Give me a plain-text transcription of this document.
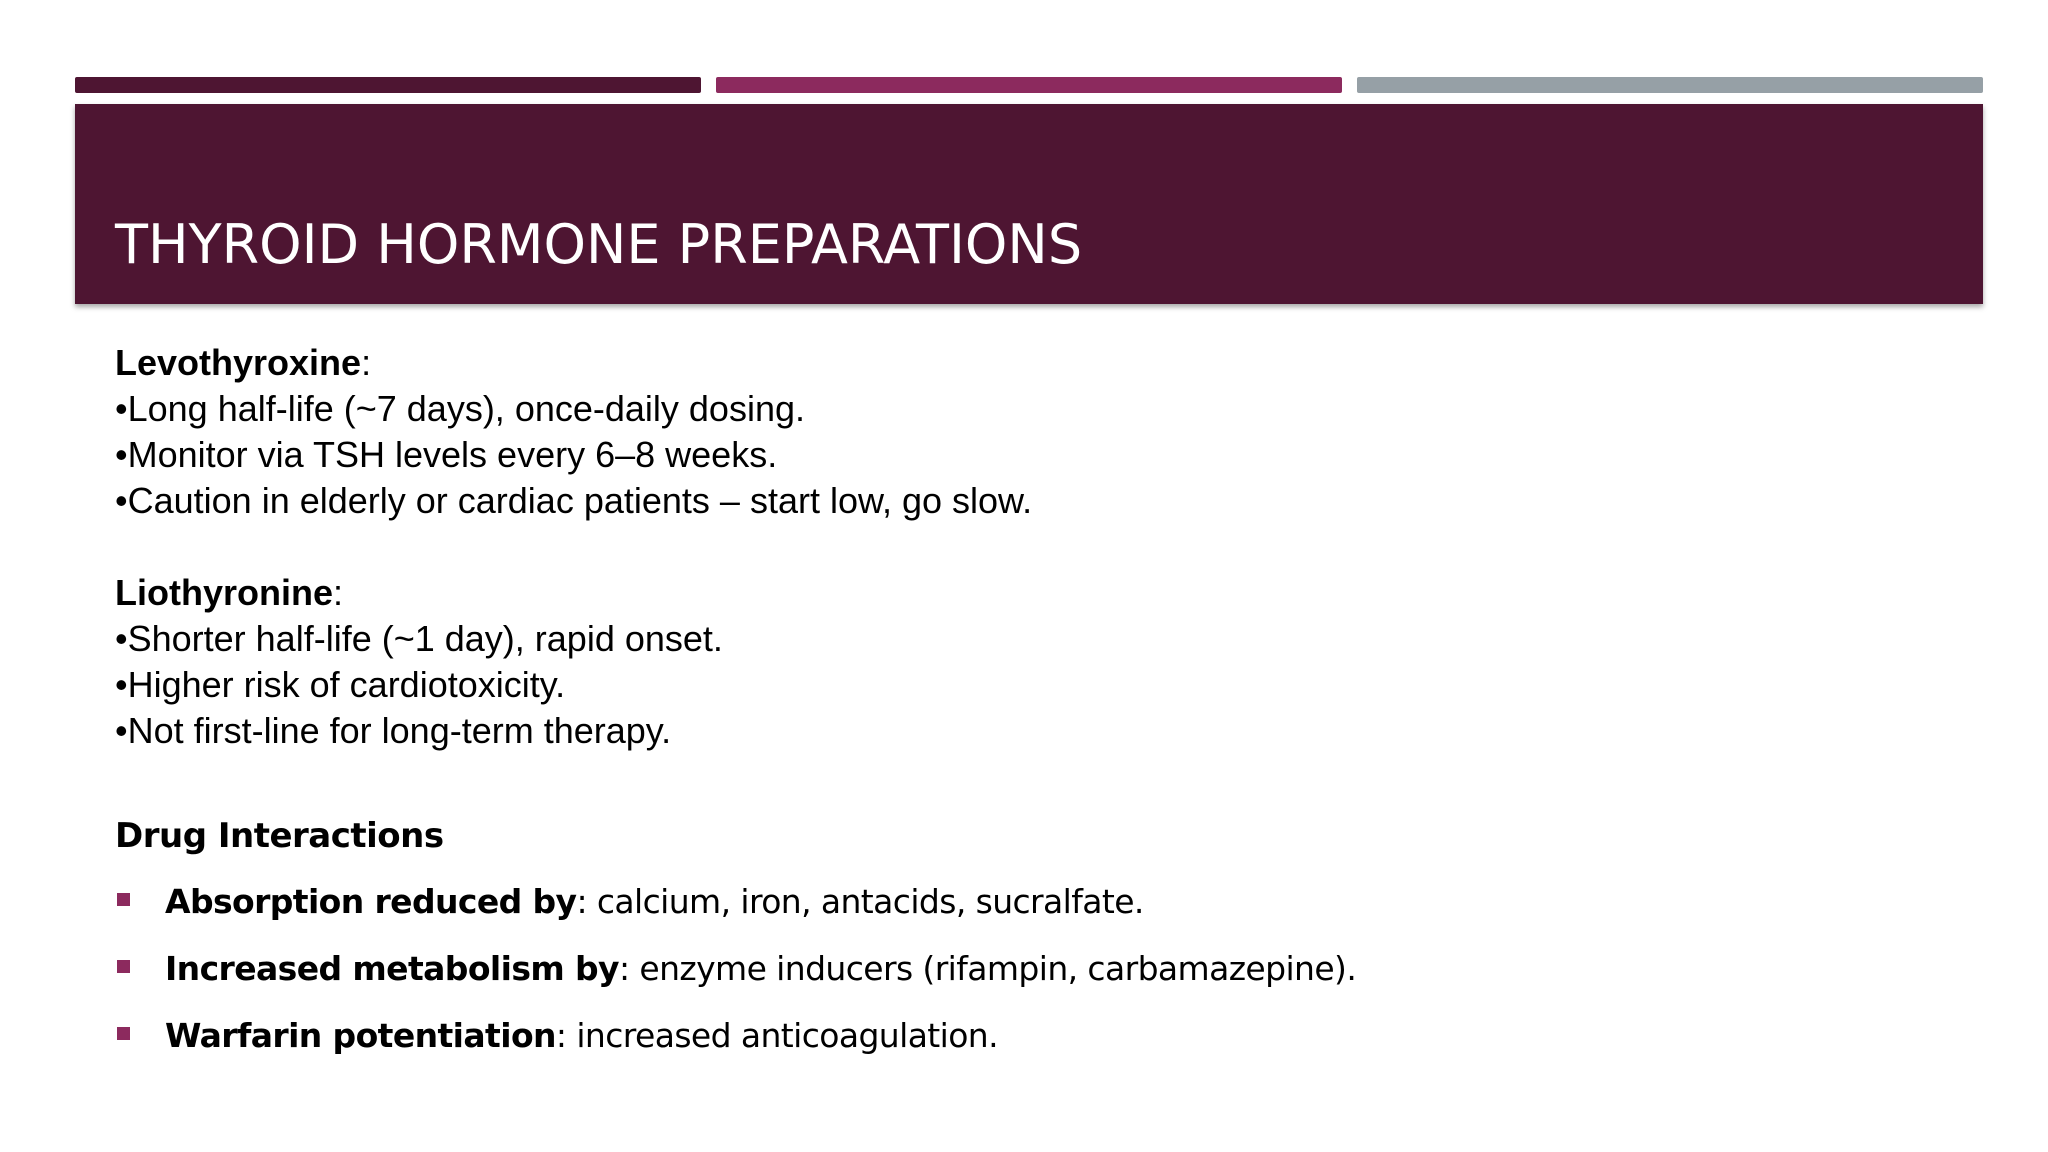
THYROID HORMONE PREPARATIONS
Levothyroxine:
•Long half-life (~7 days), once-daily dosing.
•Monitor via TSH levels every 6–8 weeks.
•Caution in elderly or cardiac patients – start low, go slow.
Liothyronine:
•Shorter half-life (~1 day), rapid onset.
•Higher risk of cardiotoxicity.
•Not first-line for long-term therapy.
Drug Interactions
Absorption reduced by: calcium, iron, antacids, sucralfate.
Increased metabolism by: enzyme inducers (rifampin, carbamazepine).
Warfarin potentiation: increased anticoagulation.
